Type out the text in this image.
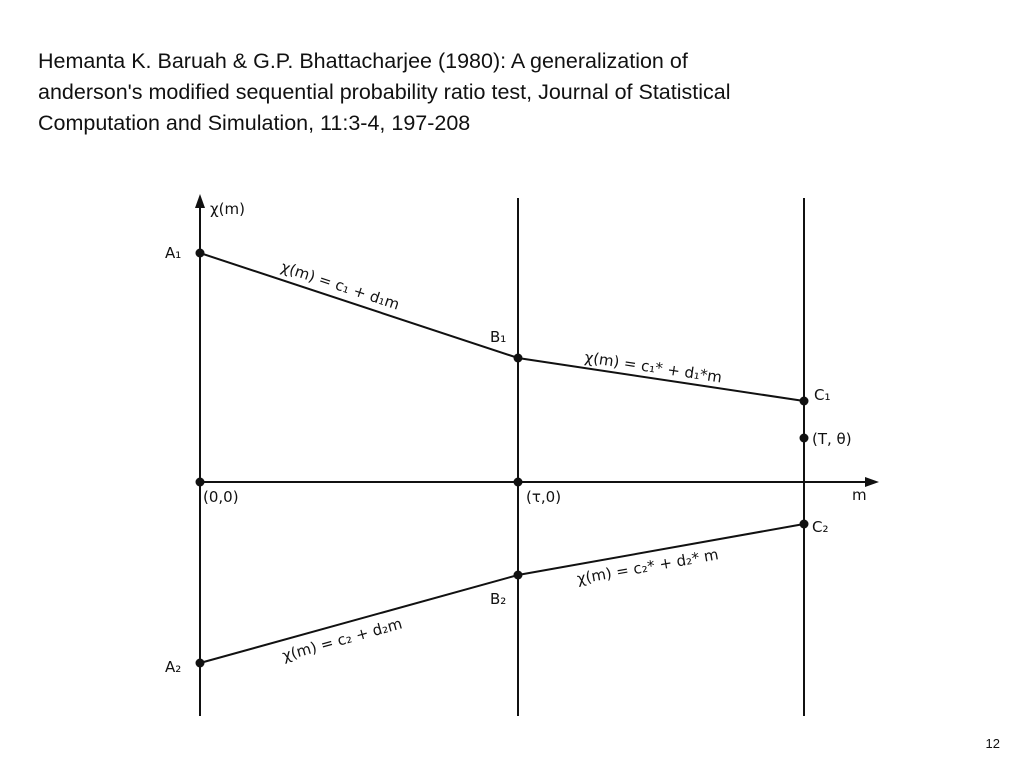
Hemanta K. Baruah & G.P. Bhattacharjee (1980): A generalization of
anderson's modified sequential probability ratio test, Journal of Statistical
Computation and Simulation, 11:3-4, 197-208

χ(m)
m
A₁
B₁
C₁
(T, θ)
(0,0)	(τ,0)
C₂
B₂
A₂
χ(m) = c₁ + d₁m
χ(m) = c₁* + d₁*m
χ(m) = c₂ + d₂m
χ(m) = c₂* + d₂* m
12
